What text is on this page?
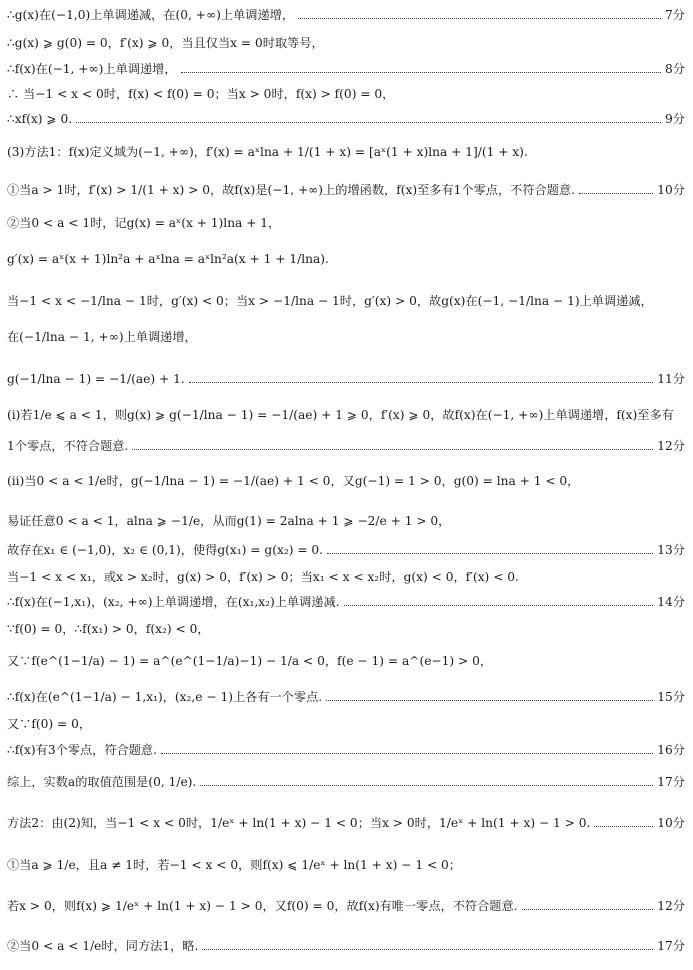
∴g(x)在(−1,0)上单调递减，在(0, +∞)上单调递增，	7分
∴g(x) ⩾ g(0) = 0，f′(x) ⩾ 0，当且仅当x = 0时取等号，
∴f(x)在(−1, +∞)上单调递增，	8分
∴ 当−1 < x < 0时，f(x) < f(0) = 0；当x > 0时，f(x) > f(0) = 0，
∴xf(x) ⩾ 0.	9分
(3)方法1：f(x)定义域为(−1, +∞)，f′(x) = aˣlna + 1/(1 + x) = [aˣ(1 + x)lna + 1]/(1 + x).
①当a > 1时，f′(x) > 1/(1 + x) > 0，故f(x)是(−1, +∞)上的增函数，f(x)至多有1个零点，不符合题意.	10分
②当0 < a < 1时，记g(x) = aˣ(x + 1)lna + 1，
g′(x) = aˣ(x + 1)ln²a + aˣlna = aˣln²a(x + 1 + 1/lna).
当−1 < x < −1/lna − 1时，g′(x) < 0；当x > −1/lna − 1时，g′(x) > 0，故g(x)在(−1, −1/lna − 1)上单调递减，
在(−1/lna − 1, +∞)上单调递增，
g(−1/lna − 1) = −1/(ae) + 1.	11分
(ⅰ)若1/e ⩽ a < 1，则g(x) ⩾ g(−1/lna − 1) = −1/(ae) + 1 ⩾ 0，f′(x) ⩾ 0，故f(x)在(−1, +∞)上单调递增，f(x)至多有
1个零点，不符合题意.	12分
(ⅱ)当0 < a < 1/e时，g(−1/lna − 1) = −1/(ae) + 1 < 0，又g(−1) = 1 > 0，g(0) = lna + 1 < 0，
易证任意0 < a < 1，alna ⩾ −1/e，从而g(1) = 2alna + 1 ⩾ −2/e + 1 > 0，
故存在x₁ ∈ (−1,0)，x₂ ∈ (0,1)，使得g(x₁) = g(x₂) = 0.	13分
当−1 < x < x₁，或x > x₂时，g(x) > 0，f′(x) > 0；当x₁ < x < x₂时，g(x) < 0，f′(x) < 0.
∴f(x)在(−1,x₁)，(x₂, +∞)上单调递增，在(x₁,x₂)上单调递减.	14分
∵f(0) = 0，∴f(x₁) > 0，f(x₂) < 0，
又∵f(e^(1−1/a) − 1) = a^(e^(1−1/a)−1) − 1/a < 0，f(e − 1) = a^(e−1) > 0，
∴f(x)在(e^(1−1/a) − 1,x₁)，(x₂,e − 1)上各有一个零点.	15分
又∵f(0) = 0，
∴f(x)有3个零点，符合题意.	16分
综上，实数a的取值范围是(0, 1/e).	17分
方法2：由(2)知，当−1 < x < 0时，1/eˣ + ln(1 + x) − 1 < 0；当x > 0时，1/eˣ + ln(1 + x) − 1 > 0.	10分
①当a ⩾ 1/e，且a ≠ 1时，若−1 < x < 0，则f(x) ⩽ 1/eˣ + ln(1 + x) − 1 < 0；
若x > 0，则f(x) ⩾ 1/eˣ + ln(1 + x) − 1 > 0，又f(0) = 0，故f(x)有唯一零点，不符合题意.	12分
②当0 < a < 1/e时，同方法1，略.	17分
